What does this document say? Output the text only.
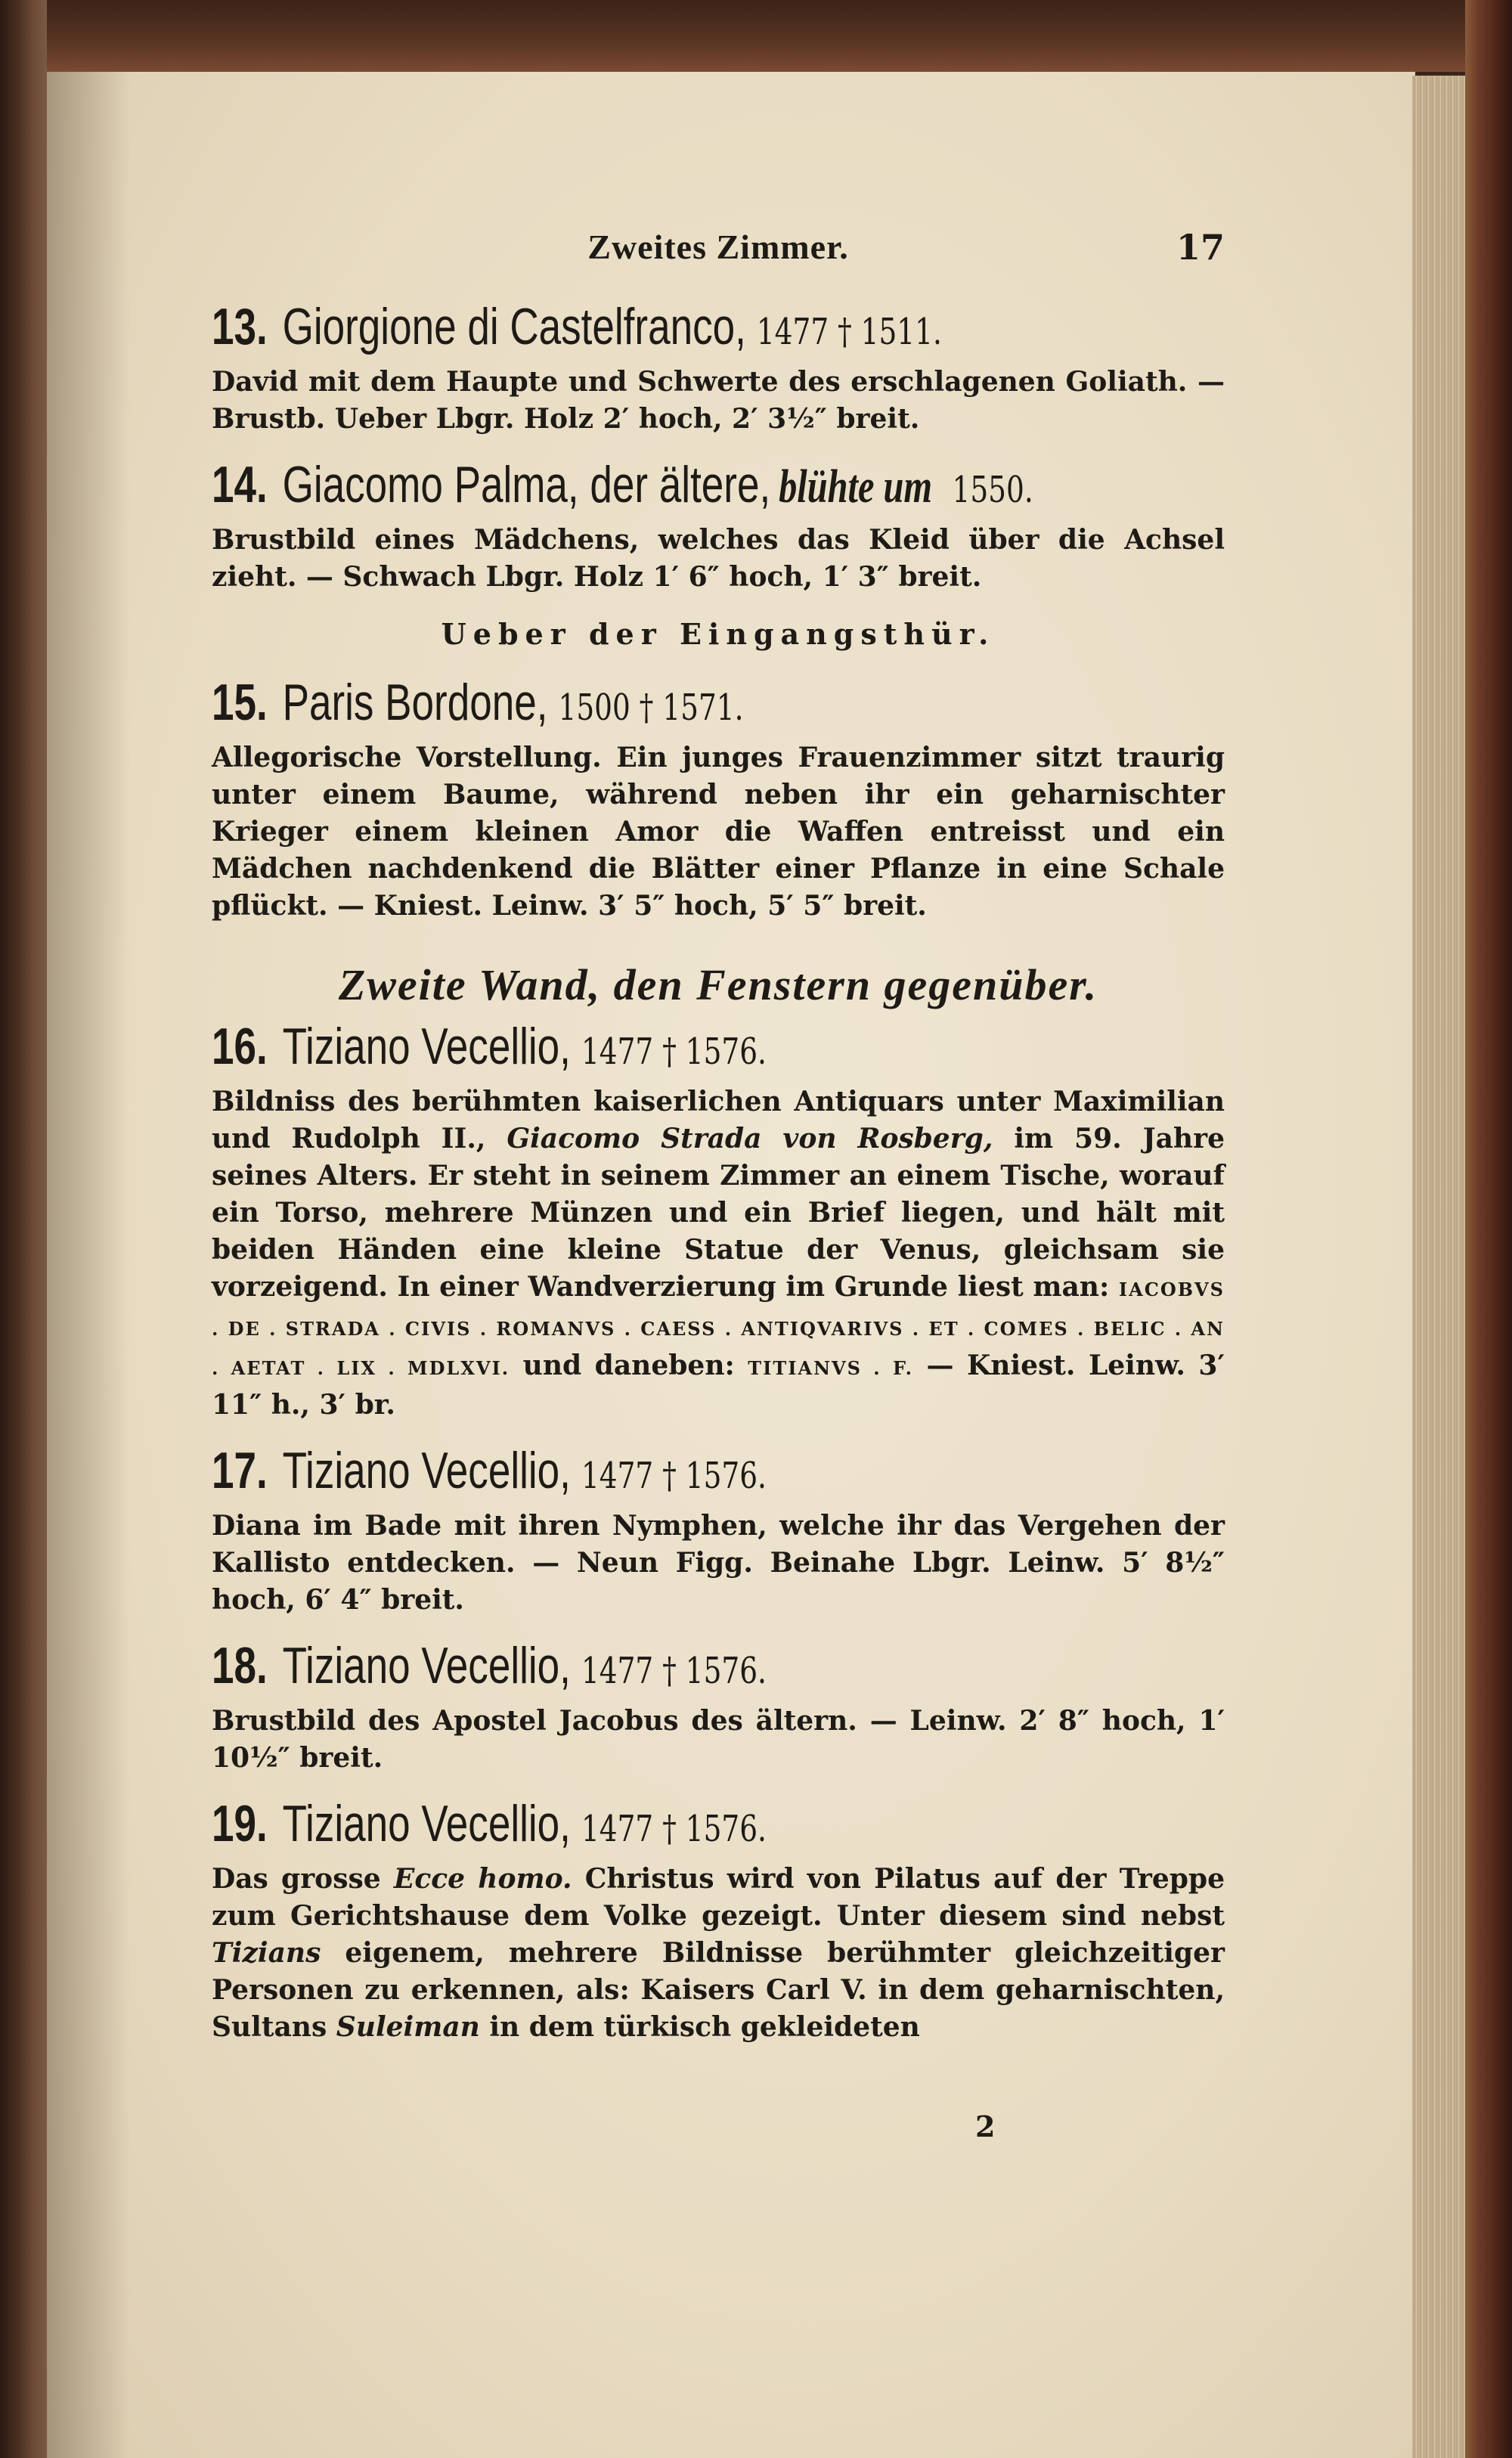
Zweites Zimmer.	17
13. Giorgione di Castelfranco, 1477 † 1511.
David mit dem Haupte und Schwerte des erschlagenen Goliath. — Brustb. Ueber Lbgr. Holz 2′ hoch, 2′ 3½″ breit.
14. Giacomo Palma, der ältere, blühte um 1550.
Brustbild eines Mädchens, welches das Kleid über die Achsel zieht. — Schwach Lbgr. Holz 1′ 6″ hoch, 1′ 3″ breit.
Ueber der Eingangsthür.
15. Paris Bordone, 1500 † 1571.
Allegorische Vorstellung. Ein junges Frauenzimmer sitzt traurig unter einem Baume, während neben ihr ein geharnischter Krieger einem kleinen Amor die Waffen entreisst und ein Mädchen nachdenkend die Blätter einer Pflanze in eine Schale pflückt. — Kniest. Leinw. 3′ 5″ hoch, 5′ 5″ breit.
Zweite Wand, den Fenstern gegenüber.
16. Tiziano Vecellio, 1477 † 1576.
Bildniss des berühmten kaiserlichen Antiquars unter Maximilian und Rudolph II., Giacomo Strada von Rosberg, im 59. Jahre seines Alters. Er steht in seinem Zimmer an einem Tische, worauf ein Torso, mehrere Münzen und ein Brief liegen, und hält mit beiden Händen eine kleine Statue der Venus, gleichsam sie vorzeigend. In einer Wandverzierung im Grunde liest man: IACOBVS . DE . STRADA . CIVIS . ROMANVS . CAESS . ANTIQVARIVS . ET . COMES . BELIC . AN . AETAT . LIX . MDLXVI. und daneben: TITIANVS . F. — Kniest. Leinw. 3′ 11″ h., 3′ br.
17. Tiziano Vecellio, 1477 † 1576.
Diana im Bade mit ihren Nymphen, welche ihr das Vergehen der Kallisto entdecken. — Neun Figg. Beinahe Lbgr. Leinw. 5′ 8½″ hoch, 6′ 4″ breit.
18. Tiziano Vecellio, 1477 † 1576.
Brustbild des Apostel Jacobus des ältern. — Leinw. 2′ 8″ hoch, 1′ 10½″ breit.
19. Tiziano Vecellio, 1477 † 1576.
Das grosse Ecce homo. Christus wird von Pilatus auf der Treppe zum Gerichtshause dem Volke gezeigt. Unter diesem sind nebst Tizians eigenem, mehrere Bildnisse berühmter gleichzeitiger Personen zu erkennen, als: Kaisers Carl V. in dem geharnischten, Sultans Suleiman in dem türkisch gekleideten
2
